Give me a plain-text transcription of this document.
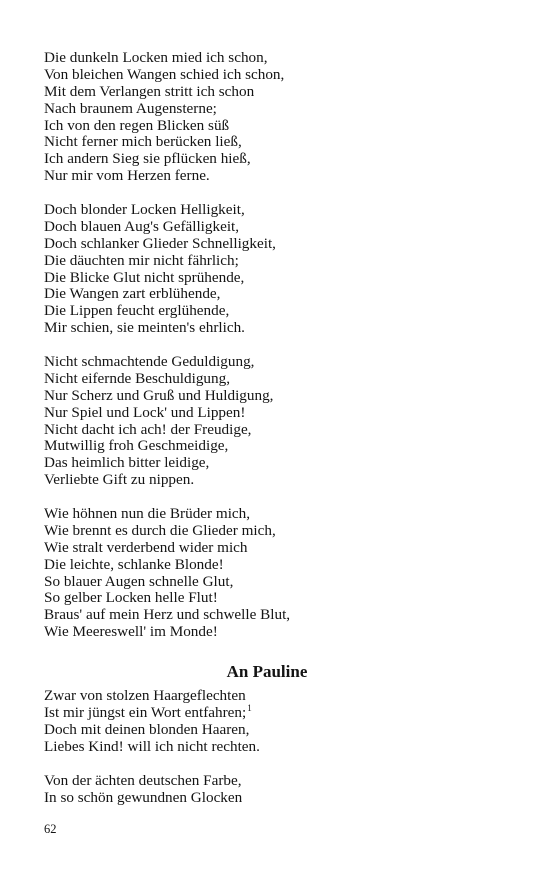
Die dunkeln Locken mied ich schon,
Von bleichen Wangen schied ich schon,
Mit dem Verlangen stritt ich schon
Nach braunem Augensterne;
Ich von den regen Blicken süß
Nicht ferner mich berücken ließ,
Ich andern Sieg sie pflücken hieß,
Nur mir vom Herzen ferne.
Doch blonder Locken Helligkeit,
Doch blauen Aug's Gefälligkeit,
Doch schlanker Glieder Schnelligkeit,
Die däuchten mir nicht fährlich;
Die Blicke Glut nicht sprühende,
Die Wangen zart erblühende,
Die Lippen feucht erglühende,
Mir schien, sie meinten's ehrlich.
Nicht schmachtende Geduldigung,
Nicht eifernde Beschuldigung,
Nur Scherz und Gruß und Huldigung,
Nur Spiel und Lock' und Lippen!
Nicht dacht ich ach! der Freudige,
Mutwillig froh Geschmeidige,
Das heimlich bitter leidige,
Verliebte Gift zu nippen.
Wie höhnen nun die Brüder mich,
Wie brennt es durch die Glieder mich,
Wie stralt verderbend wider mich
Die leichte, schlanke Blonde!
So blauer Augen schnelle Glut,
So gelber Locken helle Flut!
Braus' auf mein Herz und schwelle Blut,
Wie Meereswell' im Monde!
An Pauline
Zwar von stolzen Haargeflechten
Ist mir jüngst ein Wort entfahren;$^1$
Doch mit deinen blonden Haaren,
Liebes Kind! will ich nicht rechten.
Von der ächten deutschen Farbe,
In so schön gewundnen Glocken
62
